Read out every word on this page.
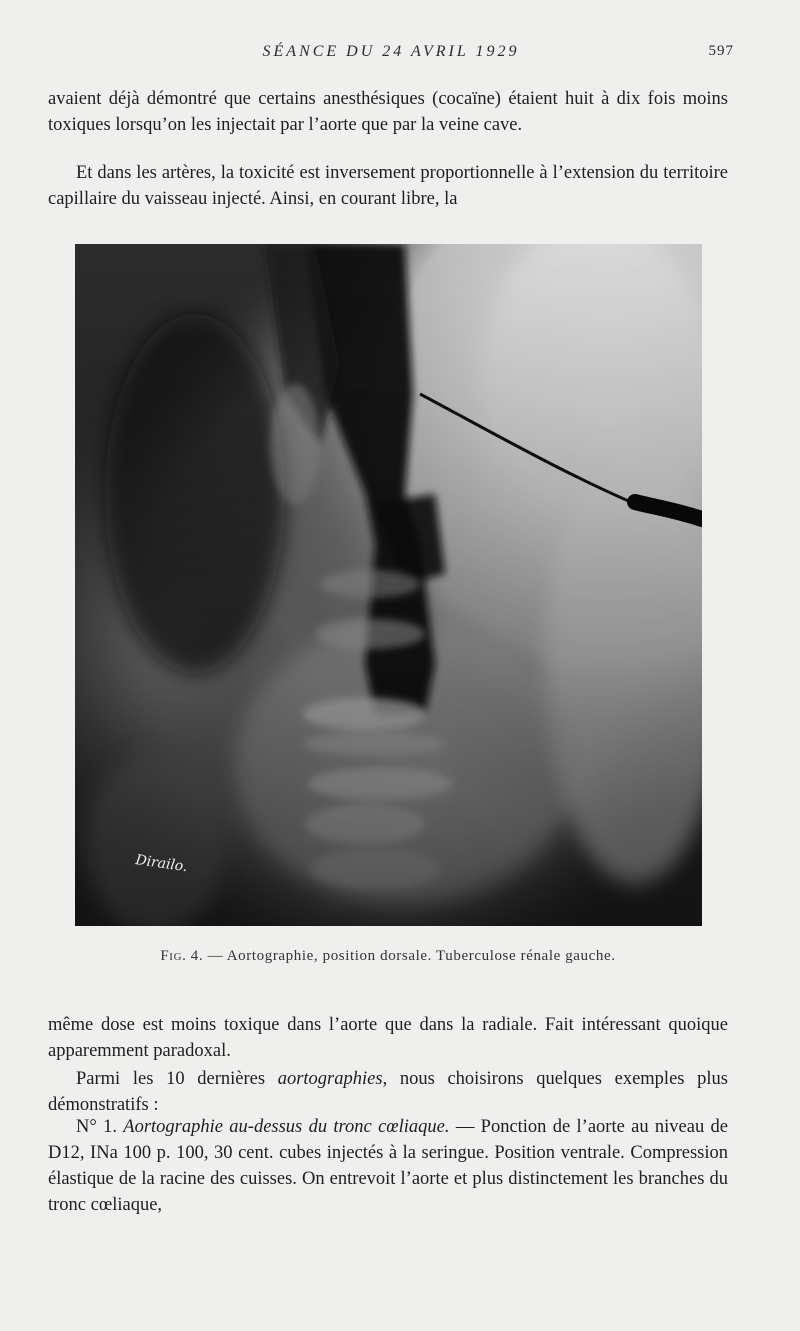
SÉANCE DU 24 AVRIL 1929	597

avaient déjà démontré que certains anesthésiques (cocaïne) étaient huit à dix fois moins toxiques lorsqu’on les injectait par l’aorte que par la veine cave.

Et dans les artères, la toxicité est inversement proportionnelle à l’extension du territoire capillaire du vaisseau injecté. Ainsi, en courant libre, la

Dirailo.
Fig. 4. — Aortographie, position dorsale. Tuberculose rénale gauche.

même dose est moins toxique dans l’aorte que dans la radiale. Fait intéressant quoique apparemment paradoxal.

Parmi les 10 dernières aortographies, nous choisirons quelques exemples plus démonstratifs :

N° 1. Aortographie au-dessus du tronc cœliaque. — Ponction de l’aorte au niveau de D12, INa 100 p. 100, 30 cent. cubes injectés à la seringue. Position ventrale. Compression élastique de la racine des cuisses. On entrevoit l’aorte et plus distinctement les branches du tronc cœliaque,
